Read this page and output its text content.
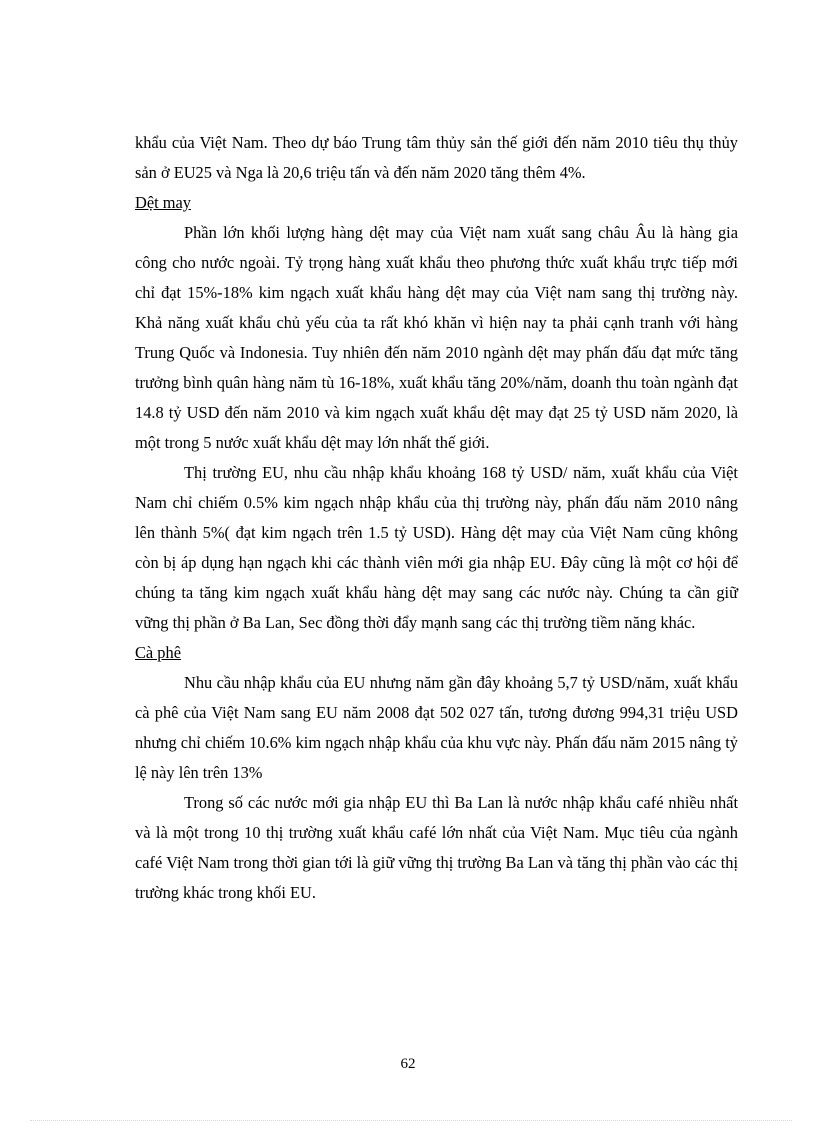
khẩu của Việt Nam. Theo dự báo Trung tâm thủy sản thế giới đến năm 2010 tiêu thụ thủy sản ở EU25 và Nga là 20,6 triệu tấn và đến năm 2020 tăng thêm 4%.

Dệt may

Phần lớn khối lượng hàng dệt may của Việt nam xuất sang châu Âu là hàng gia công cho nước ngoài. Tỷ trọng hàng xuất khẩu theo phương thức xuất khẩu trực tiếp mới chỉ đạt 15%-18% kim ngạch xuất khẩu hàng dệt may của Việt nam sang thị trường này. Khả năng xuất khẩu chủ yếu của ta rất khó khăn vì hiện nay ta phải cạnh tranh với hàng Trung Quốc và Indonesia. Tuy nhiên đến năm 2010 ngành dệt may phấn đấu đạt mức tăng trưởng bình quân hàng năm tù 16-18%, xuất khẩu tăng 20%/năm, doanh thu toàn ngành đạt 14.8 tỷ USD đến năm 2010 và kim ngạch xuất khẩu dệt may đạt 25 tỷ USD năm 2020, là một trong 5 nước xuất khẩu dệt may lớn nhất thế giới.

Thị trường EU, nhu cầu nhập khẩu khoảng 168 tỷ USD/ năm, xuất khẩu của Việt Nam chỉ chiếm 0.5% kim ngạch nhập khẩu của thị trường này, phấn đấu năm 2010 nâng lên thành 5%( đạt kim ngạch trên 1.5 tỷ USD). Hàng dệt may của Việt Nam cũng không còn bị áp dụng hạn ngạch khi các thành viên mới gia nhập EU. Đây cũng là một cơ hội để chúng ta tăng kim ngạch xuất khẩu hàng dệt may sang các nước này. Chúng ta cần giữ vững thị phần ở Ba Lan, Sec đồng thời đẩy mạnh sang các thị trường tiềm năng khác.

Cà phê

Nhu cầu nhập khẩu của EU nhưng năm gần đây khoảng 5,7 tỷ USD/năm, xuất khẩu cà phê của Việt Nam sang EU năm 2008 đạt 502 027 tấn, tương đương 994,31 triệu USD nhưng chỉ chiếm 10.6% kim ngạch nhập khẩu của khu vực này. Phấn đấu năm 2015 nâng tỷ lệ này lên trên 13%

Trong số các nước mới gia nhập EU thì Ba Lan là nước nhập khẩu café nhiều nhất và là một trong 10 thị trường xuất khẩu café lớn nhất của Việt Nam. Mục tiêu của ngành café Việt Nam trong thời gian tới là giữ vững thị trường Ba Lan và tăng thị phần vào các thị trường khác trong khối EU.

62
